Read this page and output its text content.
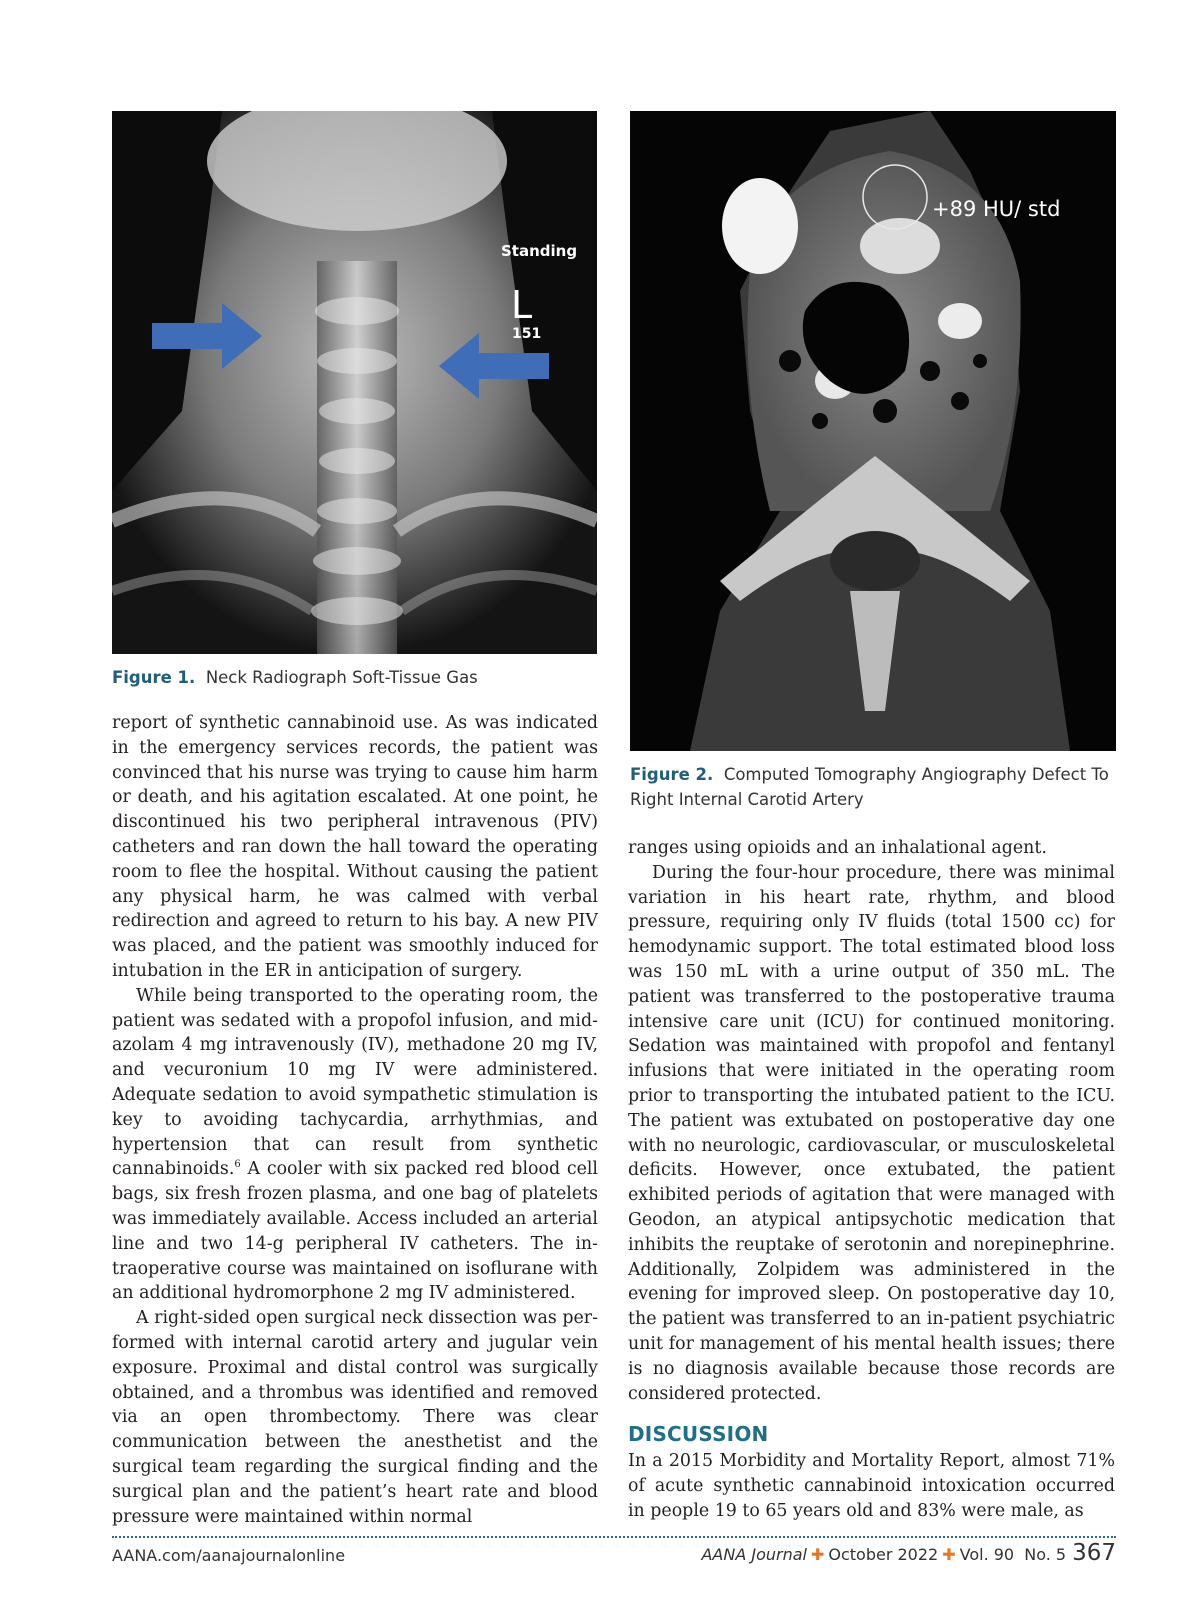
Standing
L
151
Figure 1. Neck Radiograph Soft-Tissue Gas
+89 HU/ std
Figure 2. Computed Tomography Angiography Defect To Right Internal Carotid Artery

report of synthetic cannabinoid use. As was indicated in the emergency services records, the patient was convinced that his nurse was trying to cause him harm or death, and his agitation escalated. At one point, he discontinued his two peripheral intravenous (PIV) catheters and ran down the hall toward the operating room to flee the hospital. Without causing the patient any physical harm, he was calmed with verbal redirection and agreed to return to his bay. A new PIV was placed, and the patient was smoothly induced for intubation in the ER in anticipation of surgery.

While being transported to the operating room, the patient was sedated with a propofol infusion, and midazolam 4 mg intravenously (IV), methadone 20 mg IV, and vecuronium 10 mg IV were administered. Adequate sedation to avoid sympathetic stimulation is key to avoiding tachycardia, arrhythmias, and hypertension that can result from synthetic cannabinoids.$^6$ A cooler with six packed red blood cell bags, six fresh frozen plasma, and one bag of platelets was immediately available. Access included an arterial line and two 14-g peripheral IV catheters. The intraoperative course was maintained on isoflurane with an additional hydromorphone 2 mg IV administered.

A right-sided open surgical neck dissection was performed with internal carotid artery and jugular vein exposure. Proximal and distal control was surgically obtained, and a thrombus was identified and removed via an open thrombectomy. There was clear communication between the anesthetist and the surgical team regarding the surgical finding and the surgical plan and the patient’s heart rate and blood pressure were maintained within normal

ranges using opioids and an inhalational agent.

During the four-hour procedure, there was minimal variation in his heart rate, rhythm, and blood pressure, requiring only IV fluids (total 1500 cc) for hemodynamic support. The total estimated blood loss was 150 mL with a urine output of 350 mL. The patient was transferred to the postoperative trauma intensive care unit (ICU) for continued monitoring. Sedation was maintained with propofol and fentanyl infusions that were initiated in the operating room prior to transporting the intubated patient to the ICU. The patient was extubated on postoperative day one with no neurologic, cardiovascular, or musculoskeletal deficits. However, once extubated, the patient exhibited periods of agitation that were managed with Geodon, an atypical antipsychotic medication that inhibits the reuptake of serotonin and norepinephrine. Additionally, Zolpidem was administered in the evening for improved sleep. On postoperative day 10, the patient was transferred to an in-patient psychiatric unit for management of his mental health issues; there is no diagnosis available because those records are considered protected.

DISCUSSION

In a 2015 Morbidity and Mortality Report, almost 71% of acute synthetic cannabinoid intoxication occurred in people 19 to 65 years old and 83% were male, as

AANA.com/aanajournalonline	AANA Journal ✚ October 2022 ✚ Vol. 90 No. 5 367
